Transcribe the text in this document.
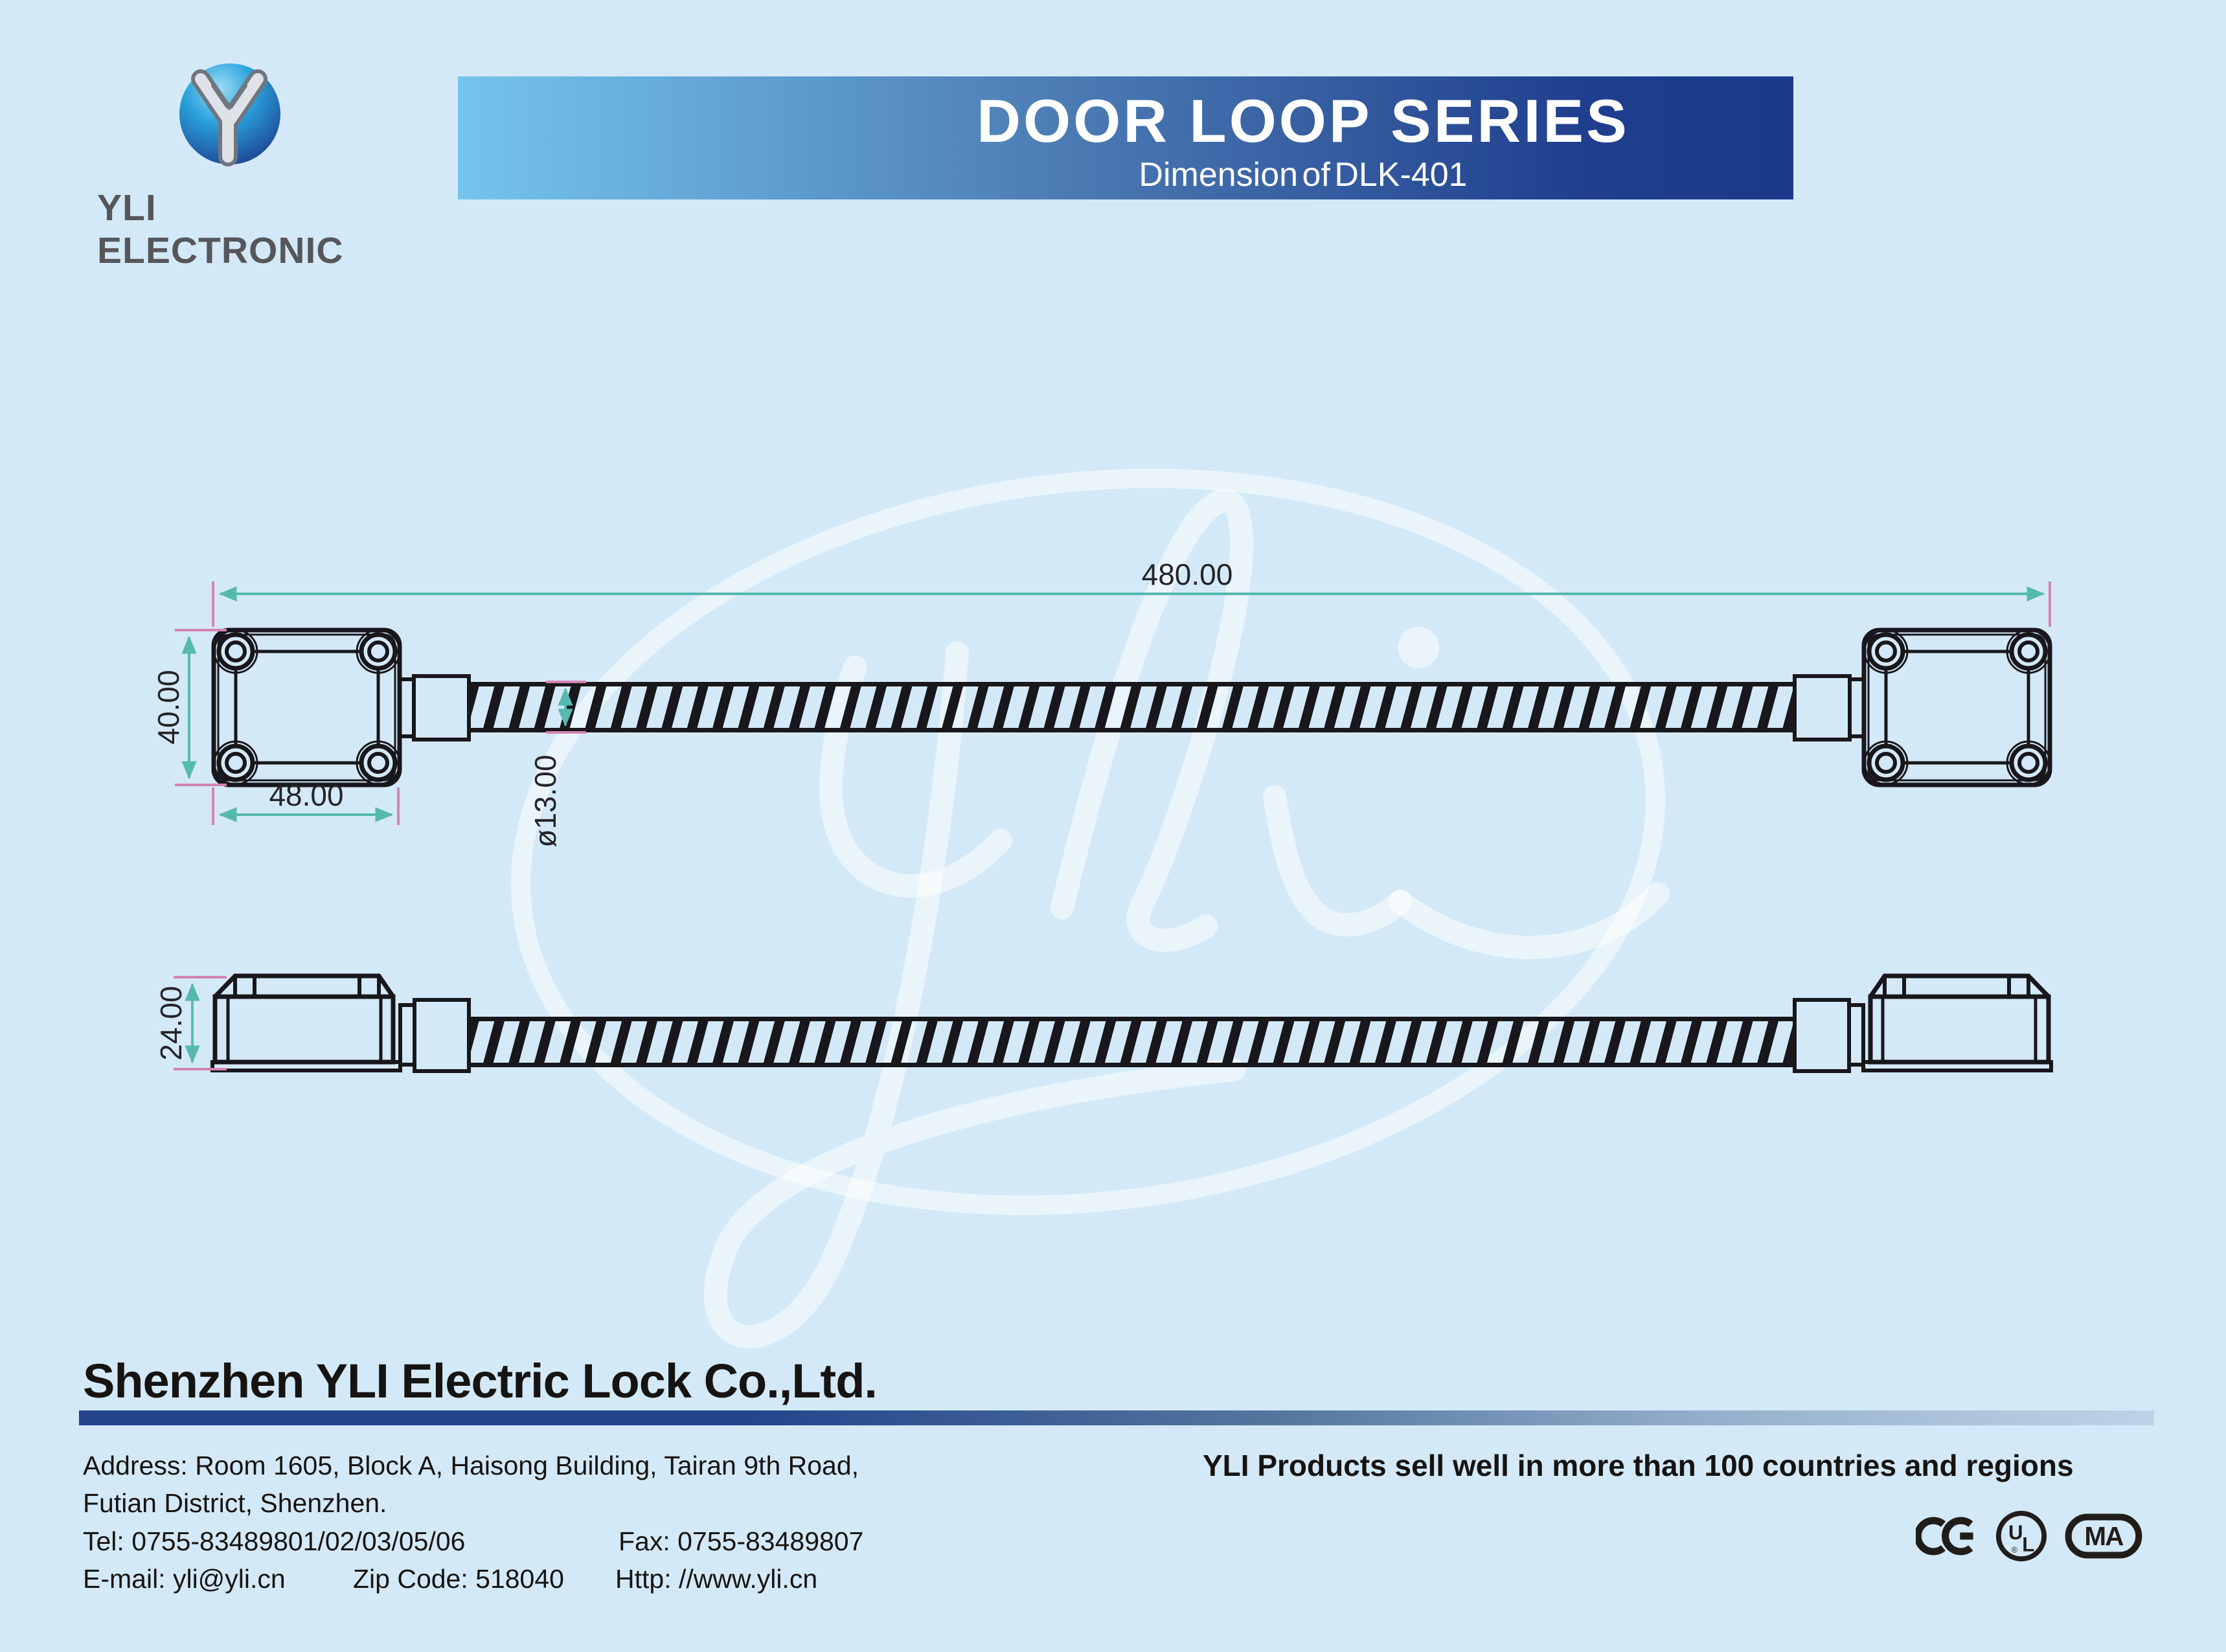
YLI ELECTRONIC
DOOR LOOP SERIES
Dimension of DLK-401
480.00
40.00
48.00	ø13.00
24.00
Shenzhen YLI Electric Lock Co.,Ltd.
Address: Room 1605, Block A, Haisong Building, Tairan 9th Road,
Futian District, Shenzhen.
Tel: 0755-83489801/02/03/05/06	Fax: 0755-83489807
E-mail: yli@yli.cn	Zip Code: 518040 Http: //www.yli.cn
YLI Products sell well in more than 100 countries and regions
U
L
® MA
